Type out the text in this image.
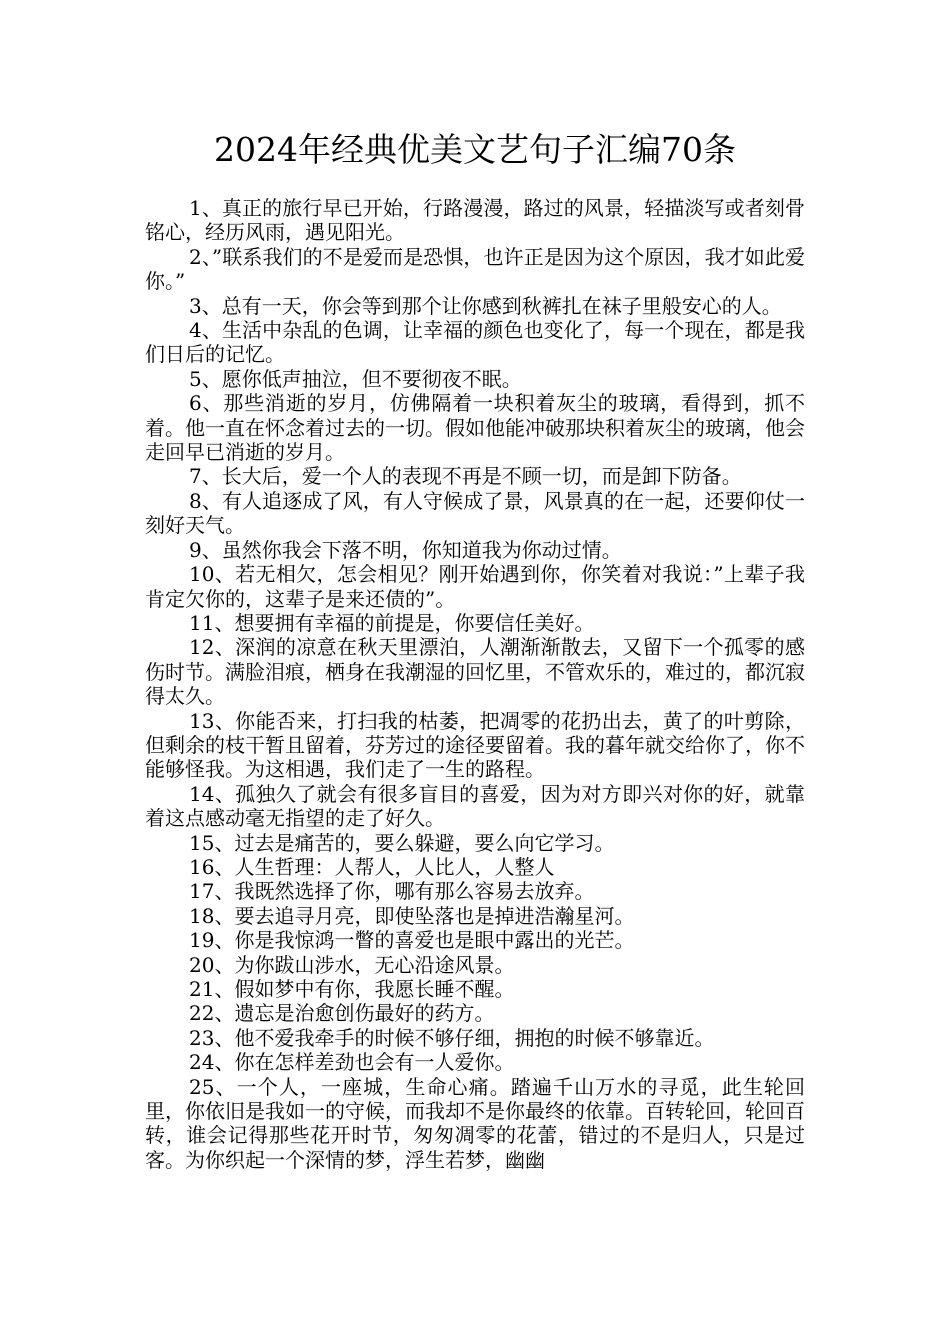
2024年经典优美文艺句子汇编70条

1、真正的旅行早已开始，行路漫漫，路过的风景，轻描淡写或者刻骨铭心，经历风雨，遇见阳光。

2、”联系我们的不是爱而是恐惧，也许正是因为这个原因，我才如此爱你。”

3、总有一天，你会等到那个让你感到秋裤扎在袜子里般安心的人。

4、生活中杂乱的色调，让幸福的颜色也变化了，每一个现在，都是我们日后的记忆。

5、愿你低声抽泣，但不要彻夜不眠。

6、那些消逝的岁月，仿佛隔着一块积着灰尘的玻璃，看得到，抓不着。他一直在怀念着过去的一切。假如他能冲破那块积着灰尘的玻璃，他会走回早已消逝的岁月。

7、长大后，爱一个人的表现不再是不顾一切，而是卸下防备。

8、有人追逐成了风，有人守候成了景，风景真的在一起，还要仰仗一刻好天气。

9、虽然你我会下落不明，你知道我为你动过情。

10、若无相欠，怎会相见？刚开始遇到你，你笑着对我说：”上辈子我肯定欠你的，这辈子是来还债的”。

11、想要拥有幸福的前提是，你要信任美好。

12、深润的凉意在秋天里漂泊，人潮渐渐散去，又留下一个孤零的感伤时节。满脸泪痕，栖身在我潮湿的回忆里，不管欢乐的，难过的，都沉寂得太久。

13、你能否来，打扫我的枯萎，把凋零的花扔出去，黄了的叶剪除，但剩余的枝干暂且留着，芬芳过的途径要留着。我的暮年就交给你了，你不能够怪我。为这相遇，我们走了一生的路程。

14、孤独久了就会有很多盲目的喜爱，因为对方即兴对你的好，就靠着这点感动毫无指望的走了好久。

15、过去是痛苦的，要么躲避，要么向它学习。

16、人生哲理：人帮人，人比人，人整人

17、我既然选择了你，哪有那么容易去放弃。

18、要去追寻月亮，即使坠落也是掉进浩瀚星河。

19、你是我惊鸿一瞥的喜爱也是眼中露出的光芒。

20、为你跋山涉水，无心沿途风景。

21、假如梦中有你，我愿长睡不醒。

22、遗忘是治愈创伤最好的药方。

23、他不爱我牵手的时候不够仔细，拥抱的时候不够靠近。

24、你在怎样差劲也会有一人爱你。

25、一个人，一座城，生命心痛。踏遍千山万水的寻觅，此生轮回里，你依旧是我如一的守候，而我却不是你最终的依靠。百转轮回，轮回百转，谁会记得那些花开时节，匆匆凋零的花蕾，错过的不是归人，只是过客。为你织起一个深情的梦，浮生若梦，幽幽
